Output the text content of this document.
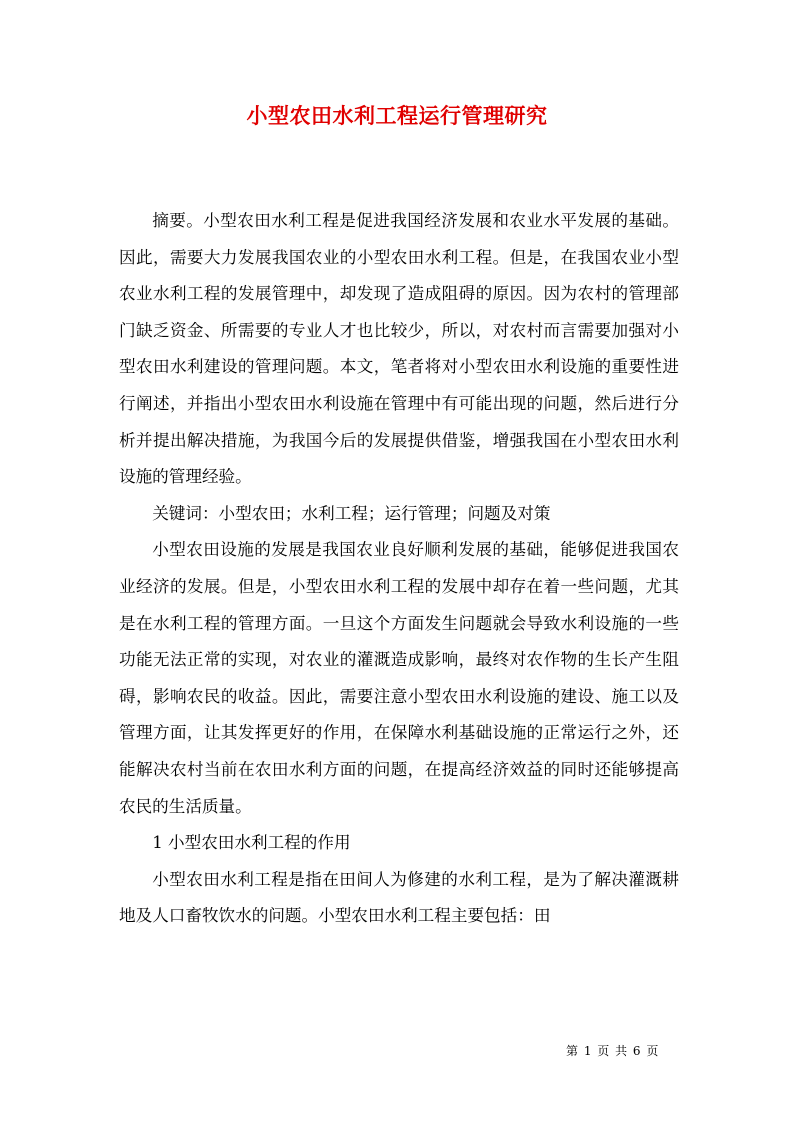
小型农田水利工程运行管理研究

摘要。小型农田水利工程是促进我国经济发展和农业水平发展的基础。因此，需要大力发展我国农业的小型农田水利工程。但是，在我国农业小型农业水利工程的发展管理中，却发现了造成阻碍的原因。因为农村的管理部门缺乏资金、所需要的专业人才也比较少，所以，对农村而言需要加强对小型农田水利建设的管理问题。本文，笔者将对小型农田水利设施的重要性进行阐述，并指出小型农田水利设施在管理中有可能出现的问题，然后进行分析并提出解决措施，为我国今后的发展提供借鉴，增强我国在小型农田水利设施的管理经验。

关键词：小型农田；水利工程；运行管理；问题及对策

小型农田设施的发展是我国农业良好顺利发展的基础，能够促进我国农业经济的发展。但是，小型农田水利工程的发展中却存在着一些问题，尤其是在水利工程的管理方面。一旦这个方面发生问题就会导致水利设施的一些功能无法正常的实现，对农业的灌溉造成影响，最终对农作物的生长产生阻碍，影响农民的收益。因此，需要注意小型农田水利设施的建设、施工以及管理方面，让其发挥更好的作用，在保障水利基础设施的正常运行之外，还能解决农村当前在农田水利方面的问题，在提高经济效益的同时还能够提高农民的生活质量。

1 小型农田水利工程的作用

小型农田水利工程是指在田间人为修建的水利工程，是为了解决灌溉耕地及人口畜牧饮水的问题。小型农田水利工程主要包括：田

第 1 页 共 6 页
